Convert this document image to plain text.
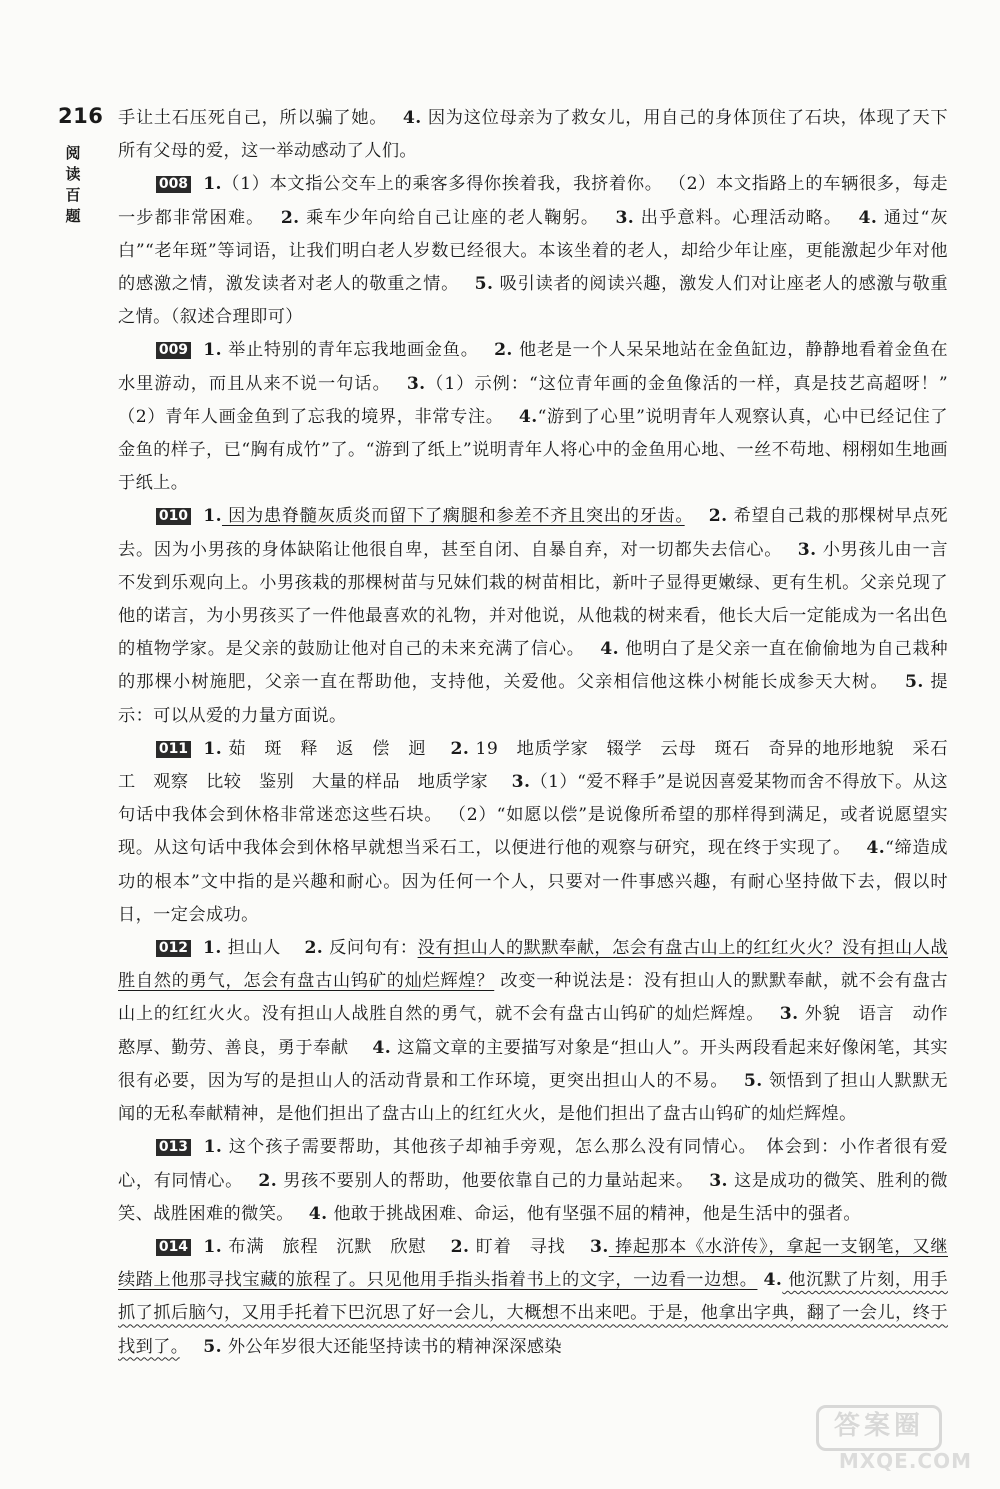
216
阅
读
百
题

手让土石压死自己，所以骗了她。　 4. 因为这位母亲为了救女儿，用自己的身体顶住了石块，体现了天下所有父母的爱，这一举动感动了人们。

008 1.（1）本文指公交车上的乘客多得你挨着我，我挤着你。 （2）本文指路上的车辆很多，每走一步都非常困难。　 2. 乘车少年向给自己让座的老人鞠躬。　 3. 出乎意料。心理活动略。　 4. 通过“灰白”“老年斑”等词语，让我们明白老人岁数已经很大。本该坐着的老人，却给少年让座，更能激起少年对他的感激之情，激发读者对老人的敬重之情。　 5. 吸引读者的阅读兴趣，激发人们对让座老人的感激与敬重之情。（叙述合理即可）

009 1. 举止特别的青年忘我地画金鱼。　 2. 他老是一个人呆呆地站在金鱼缸边，静静地看着金鱼在水里游动，而且从来不说一句话。　 3.（1）示例：“这位青年画的金鱼像活的一样，真是技艺高超呀！” （2）青年人画金鱼到了忘我的境界，非常专注。　 4.“游到了心里”说明青年人观察认真，心中已经记住了金鱼的样子，已“胸有成竹”了。“游到了纸上”说明青年人将心中的金鱼用心地、一丝不苟地、栩栩如生地画于纸上。

010 1. 因为患脊髓灰质炎而留下了瘸腿和参差不齐且突出的牙齿。　 2. 希望自己栽的那棵树早点死去。因为小男孩的身体缺陷让他很自卑，甚至自闭、自暴自弃，对一切都失去信心。　 3. 小男孩儿由一言不发到乐观向上。小男孩栽的那棵树苗与兄妹们栽的树苗相比，新叶子显得更嫩绿、更有生机。父亲兑现了他的诺言，为小男孩买了一件他最喜欢的礼物，并对他说，从他栽的树来看，他长大后一定能成为一名出色的植物学家。是父亲的鼓励让他对自己的未来充满了信心。　 4. 他明白了是父亲一直在偷偷地为自己栽种的那棵小树施肥，父亲一直在帮助他，支持他，关爱他。父亲相信他这株小树能长成参天大树。　 5. 提示：可以从爱的力量方面说。

011 1. 茹　斑　释　返　偿　迥　 2. 19　地质学家　辍学　云母　斑石　奇异的地形地貌　采石工　观察　比较　鉴别　大量的样品　地质学家　 3.（1）“爱不释手”是说因喜爱某物而舍不得放下。从这句话中我体会到休格非常迷恋这些石块。 （2）“如愿以偿”是说像所希望的那样得到满足，或者说愿望实现。从这句话中我体会到休格早就想当采石工，以便进行他的观察与研究，现在终于实现了。　 4.“缔造成功的根本”文中指的是兴趣和耐心。因为任何一个人，只要对一件事感兴趣，有耐心坚持做下去，假以时日，一定会成功。

012 1. 担山人　 2. 反问句有：没有担山人的默默奉献，怎会有盘古山上的红红火火？没有担山人战胜自然的勇气，怎会有盘古山钨矿的灿烂辉煌？ 改变一种说法是：没有担山人的默默奉献，就不会有盘古山上的红红火火。没有担山人战胜自然的勇气，就不会有盘古山钨矿的灿烂辉煌。　 3. 外貌　语言　动作　憨厚、勤劳、善良，勇于奉献　 4. 这篇文章的主要描写对象是“担山人”。开头两段看起来好像闲笔，其实很有必要，因为写的是担山人的活动背景和工作环境，更突出担山人的不易。　 5. 领悟到了担山人默默无闻的无私奉献精神，是他们担出了盘古山上的红红火火，是他们担出了盘古山钨矿的灿烂辉煌。

013 1. 这个孩子需要帮助，其他孩子却袖手旁观，怎么那么没有同情心。　体会到：小作者很有爱心，有同情心。　 2. 男孩不要别人的帮助，他要依靠自己的力量站起来。　 3. 这是成功的微笑、胜利的微笑、战胜困难的微笑。　 4. 他敢于挑战困难、命运，他有坚强不屈的精神，他是生活中的强者。

014 1. 布满　旅程　沉默　欣慰　 2. 盯着　寻找　 3. 捧起那本《水浒传》，拿起一支钢笔，又继续踏上他那寻找宝藏的旅程了。只见他用手指头指着书上的文字，一边看一边想。 4. 他沉默了片刻，用手抓了抓后脑勺，又用手托着下巴沉思了好一会儿，大概想不出来吧。于是，他拿出字典，翻了一会儿，终于找到了。　 5. 外公年岁很大还能坚持读书的精神深深感染

答案圈
MXQE.COM
